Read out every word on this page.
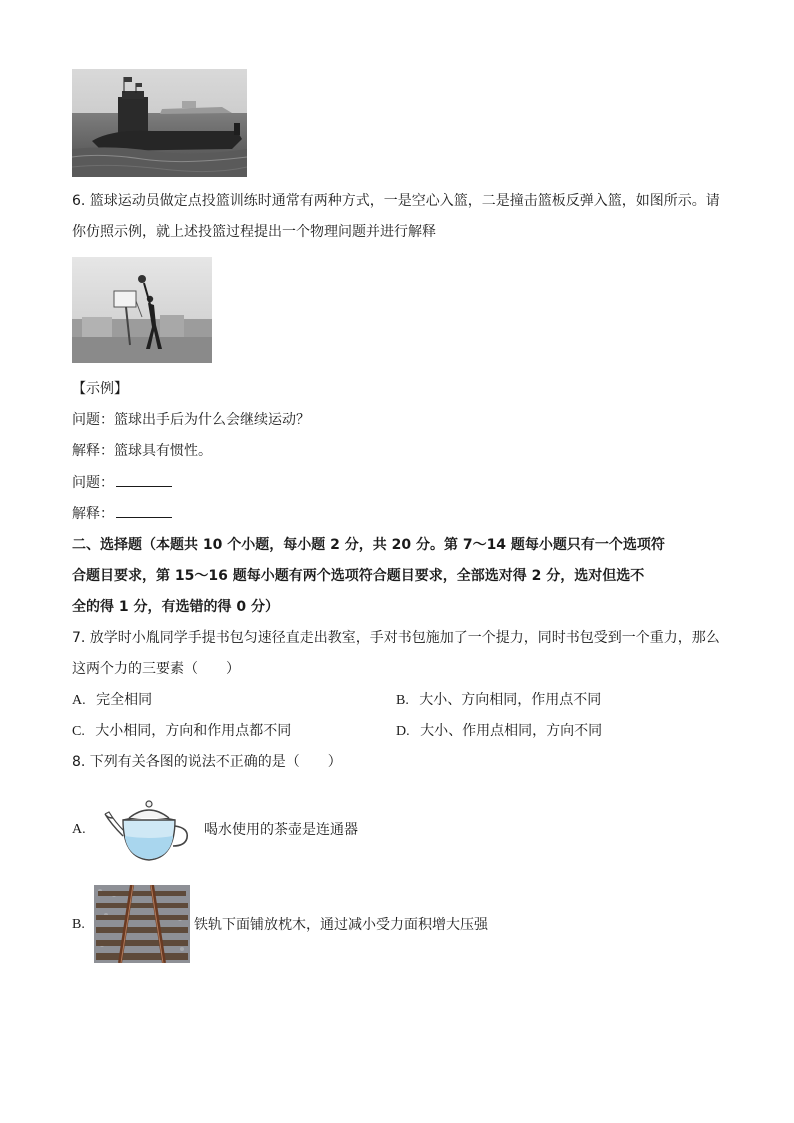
6. 篮球运动员做定点投篮训练时通常有两种方式，一是空心入篮，二是撞击篮板反弹入篮，如图所示。请
你仿照示例，就上述投篮过程提出一个物理问题并进行解释
【示例】
问题：篮球出手后为什么会继续运动？
解释：篮球具有惯性。
问题：
解释：
二、选择题（本题共 10 个小题，每小题 2 分，共 20 分。第 7～14 题每小题只有一个选项符
合题目要求，第 15～16 题每小题有两个选项符合题目要求，全部选对得 2 分，选对但选不
全的得 1 分，有选错的得 0 分）
7. 放学时小胤同学手提书包匀速径直走出教室，手对书包施加了一个提力，同时书包受到一个重力，那么
这两个力的三要素（　　）
A. 完全相同	B. 大小、方向相同，作用点不同
C. 大小相同，方向和作用点都不同	D. 大小、作用点相同，方向不同
8. 下列有关各图的说法不正确的是（　　）
A.	喝水使用的茶壶是连通器
B.	铁轨下面铺放枕木，通过减小受力面积增大压强
